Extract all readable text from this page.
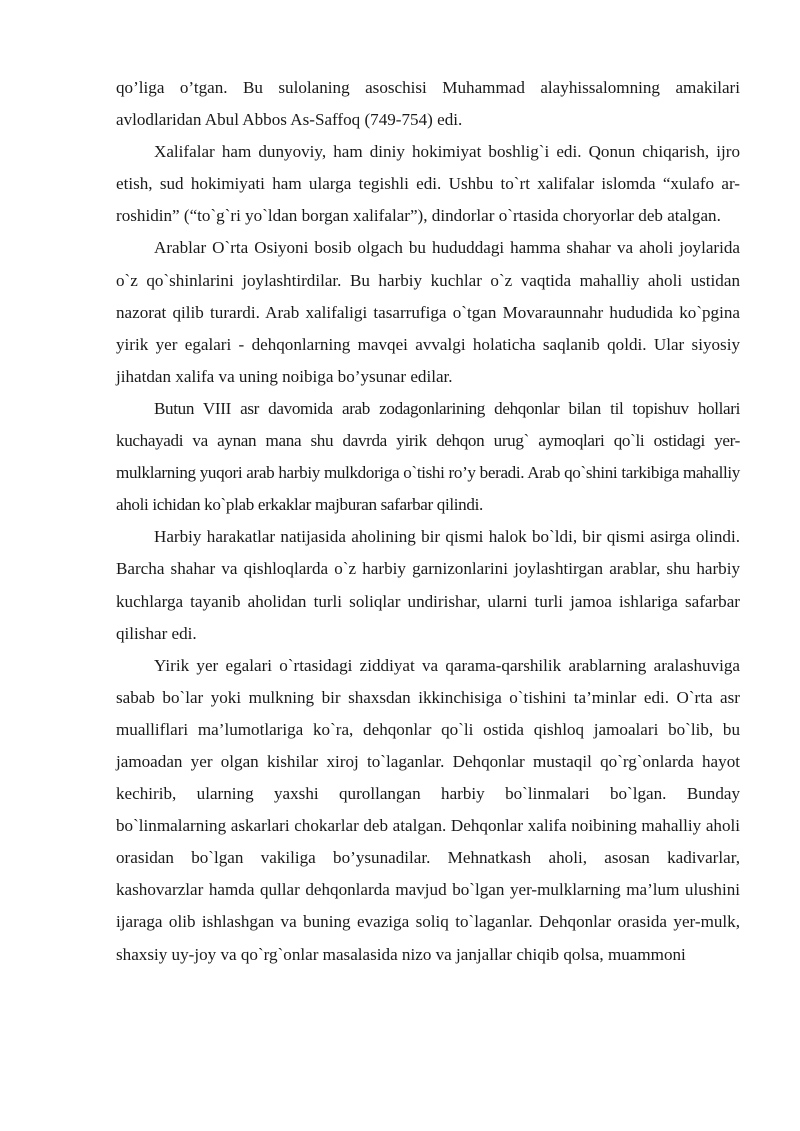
qo’liga o’tgan. Bu sulolaning asoschisi Muhammad alayhissalomning amakilari avlodlaridan Abul Abbos As-Saffoq (749-754) edi.

Xalifalar ham dunyoviy, ham diniy hokimiyat boshlig`i edi. Qonun chiqarish, ijro etish, sud hokimiyati ham ularga tegishli edi. Ushbu to`rt xalifalar islomda “xulafo ar-roshidin” (“to`g`ri yo`ldan borgan xalifalar”), dindorlar o`rtasida choryorlar deb atalgan.

Arablar O`rta Osiyoni bosib olgach bu hududdagi hamma shahar va aholi joylarida o`z qo`shinlarini joylashtirdilar. Bu harbiy kuchlar o`z vaqtida mahalliy aholi ustidan nazorat qilib turardi. Arab xalifaligi tasarrufiga o`tgan Movaraunnahr hududida ko`pgina yirik yer egalari - dehqonlarning mavqei avvalgi holaticha saqlanib qoldi. Ular siyosiy jihatdan xalifa va uning noibiga bo’ysunar edilar.

Butun VIII asr davomida arab zodagonlarining dehqonlar bilan til topishuv hollari kuchayadi va aynan mana shu davrda yirik dehqon urug` aymoqlari qo`li ostidagi yer-mulklarning yuqori arab harbiy mulkdoriga o`tishi ro’y beradi. Arab qo`shini tarkibiga mahalliy aholi ichidan ko`plab erkaklar majburan safarbar qilindi.

Harbiy harakatlar natijasida aholining bir qismi halok bo`ldi, bir qismi asirga olindi. Barcha shahar va qishloqlarda o`z harbiy garnizonlarini joylashtirgan arablar, shu harbiy kuchlarga tayanib aholidan turli soliqlar undirishar, ularni turli jamoa ishlariga safarbar qilishar edi.

Yirik yer egalari o`rtasidagi ziddiyat va qarama-qarshilik arablarning aralashuviga sabab bo`lar yoki mulkning bir shaxsdan ikkinchisiga o`tishini ta’minlar edi. O`rta asr mualliflari ma’lumotlariga ko`ra, dehqonlar qo`li ostida qishloq jamoalari bo`lib, bu jamoadan yer olgan kishilar xiroj to`laganlar. Dehqonlar mustaqil qo`rg`onlarda hayot kechirib, ularning yaxshi qurollangan harbiy bo`linmalari bo`lgan. Bunday bo`linmalarning askarlari chokarlar deb atalgan. Dehqonlar xalifa noibining mahalliy aholi orasidan bo`lgan vakiliga bo’ysunadilar. Mehnatkash aholi, asosan kadivarlar, kashovarzlar hamda qullar dehqonlarda mavjud bo`lgan yer-mulklarning ma’lum ulushini ijaraga olib ishlashgan va buning evaziga soliq to`laganlar. Dehqonlar orasida yer-mulk, shaxsiy uy-joy va qo`rg`onlar masalasida nizo va janjallar chiqib qolsa, muammoni
